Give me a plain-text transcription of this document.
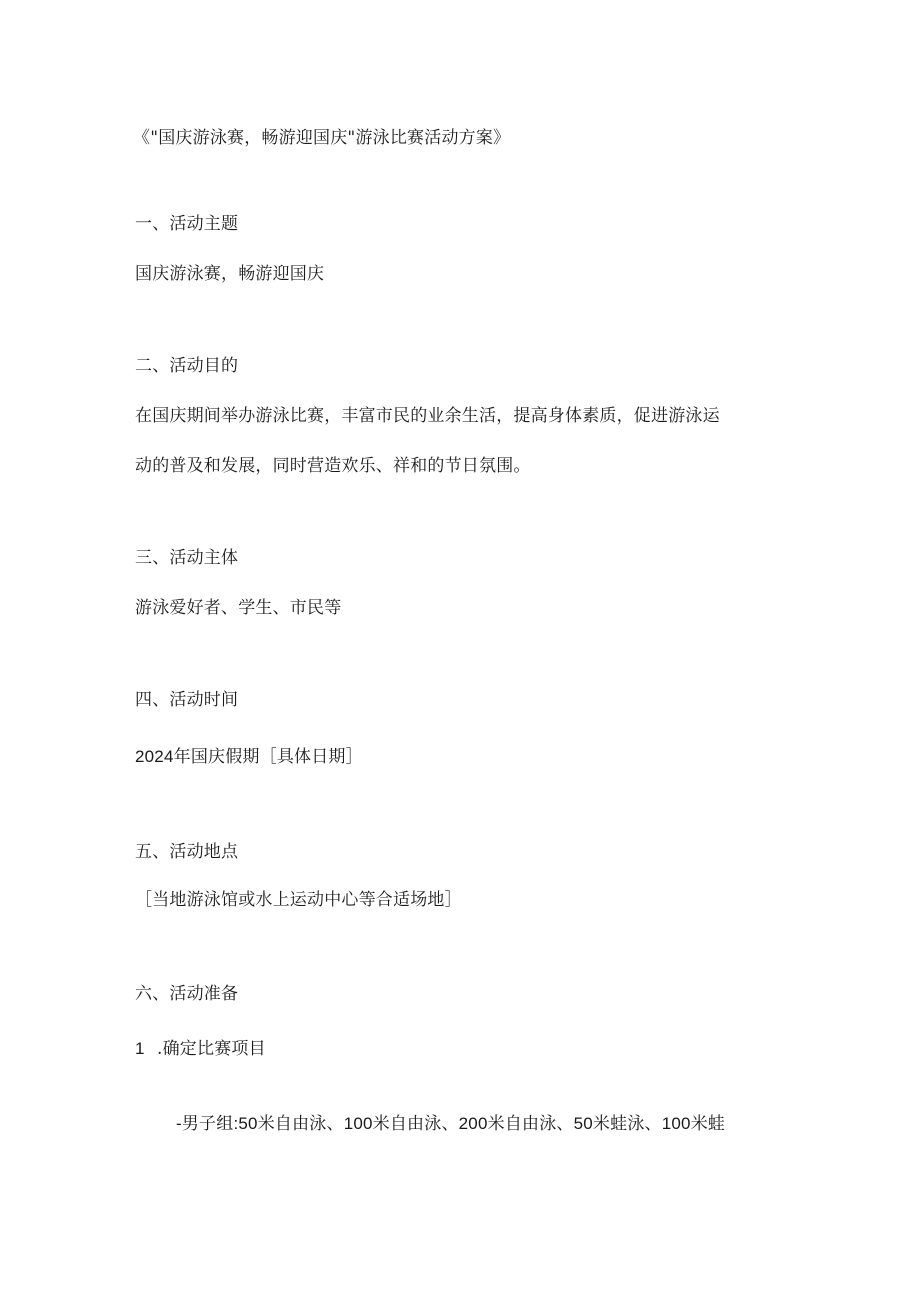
《"国庆游泳赛，畅游迎国庆"游泳比赛活动方案》
一、活动主题
国庆游泳赛，畅游迎国庆
二、活动目的
在国庆期间举办游泳比赛，丰富市民的业余生活，提高身体素质，促进游泳运
动的普及和发展，同时营造欢乐、祥和的节日氛围。
三、活动主体
游泳爱好者、学生、市民等
四、活动时间
2024年国庆假期［具体日期］
五、活动地点
［当地游泳馆或水上运动中心等合适场地］
六、活动准备
1 .确定比赛项目
-男子组:50米自由泳、100米自由泳、200米自由泳、50米蛙泳、100米蛙
